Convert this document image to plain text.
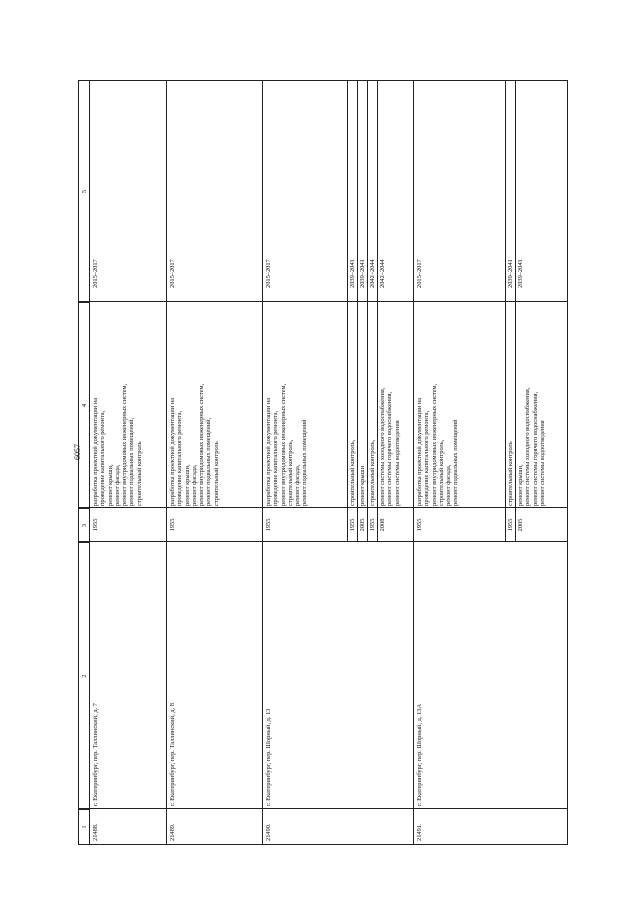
6057
1
2
3
4
5
21488.
г. Екатеринбург, пер. Таллинский, д. 7
1955
разработка проектной документации на
проведение капитального ремонта,
ремонт крыши,
ремонт фасада,
ремонт внутридомовых инженерных систем,
ремонт подвальных помещений,
строительный контроль
2015–2017
21489.
г. Екатеринбург, пер. Таллинский, д. 8
1955
разработка проектной документации на
проведение капитального ремонта,
ремонт крыши,
ремонт фасада,
ремонт внутридомовых инженерных систем,
ремонт подвальных помещений,
строительный контроль
2015–2017
21490.
г. Екатеринбург, пер. Шорный, д. 13
1955
разработка проектной документации на
проведение капитального ремонта,
ремонт внутридомовых инженерных систем,
строительный контроль,
ремонт фасада,
ремонт подвальных помещений
2015–2017
1955
строительный контроль,
2039–2041
2005
ремонт крыши
2039–2041
1955
строительный контроль,
2042–2044
2008
ремонт системы холодного водоснабжения,
ремонт системы горячего водоснабжения,
ремонт системы водоотведения
2042–2044
21491.
г. Екатеринбург, пер. Шорный, д. 13А
1955
разработка проектной документации на
проведение капитального ремонта,
ремонт внутридомовых инженерных систем,
строительный контроль,
ремонт фасада,
ремонт подвальных помещений
2015–2017
1955
строительный контроль
2039–2041
2005
ремонт крыши,
ремонт системы холодного водоснабжения,
ремонт системы горячего водоснабжения,
ремонт системы водоотведения
2039–2041
